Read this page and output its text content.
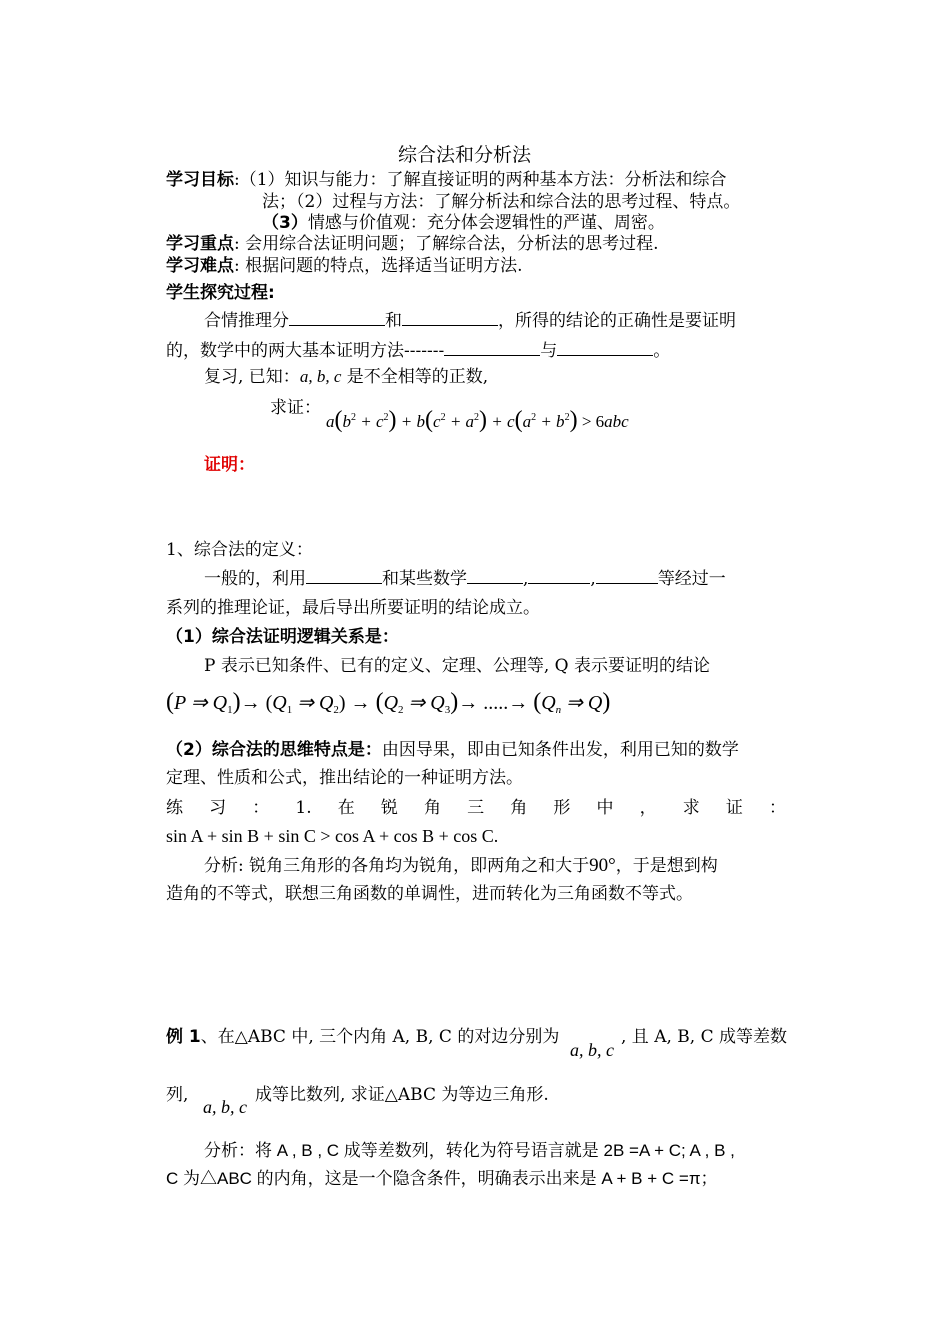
综合法和分析法
学习目标:（1）知识与能力：了解直接证明的两种基本方法：分析法和综合
法；（2）过程与方法：了解分析法和综合法的思考过程、特点。
（3）情感与价值观：充分体会逻辑性的严谨、周密。
学习重点: 会用综合法证明问题；了解综合法，分析法的思考过程.
学习难点: 根据问题的特点，选择适当证明方法.
学生探究过程:
合情推理分	和	，所得的结论的正确性是要证明
的，数学中的两大基本证明方法-------	与	。
复习, 已知：a, b, c 是不全相等的正数,
求证：
$a(b^2 + c^2) + b(c^2 + a^2) + c(a^2 + b^2) > 6abc$
证明：
1、综合法的定义：
一般的，利用	和某些数学	,	,	等经过一
系列的推理论证，最后导出所要证明的结论成立。
（1）综合法证明逻辑关系是：
P 表示已知条件、已有的定义、定理、公理等, Q 表示要证明的结论
(P ⇒ $Q_1)\to (Q_1$ ⇒ $Q_2) \to (Q_2$ ⇒ $Q_3)\to$ .....→ ($Q_n$ ⇒ Q)
（2）综合法的思维特点是：由因导果，即由已知条件出发，利用已知的数学
定理、性质和公式，推出结论的一种证明方法。
练 习 ： 1. 在 锐 角 三 角 形 中 ， 求 证 ：
sin A + sin B + sin C > cos A + cos B + cos C.
分析: 锐角三角形的各角均为锐角，即两角之和大于90°，于是想到构
造角的不等式，联想三角函数的单调性，进而转化为三角函数不等式。
例 1、在△ABC 中, 三个内角 A, B, C 的对边分别为
a, b, c
, 且 A, B, C 成等差数
列,
a, b, c
成等比数列, 求证△ABC 为等边三角形.
分析：将 A , B , C 成等差数列，转化为符号语言就是 2B =A + C; A , B ,
C 为△ABC 的内角，这是一个隐含条件，明确表示出来是 A + B + C =π；
